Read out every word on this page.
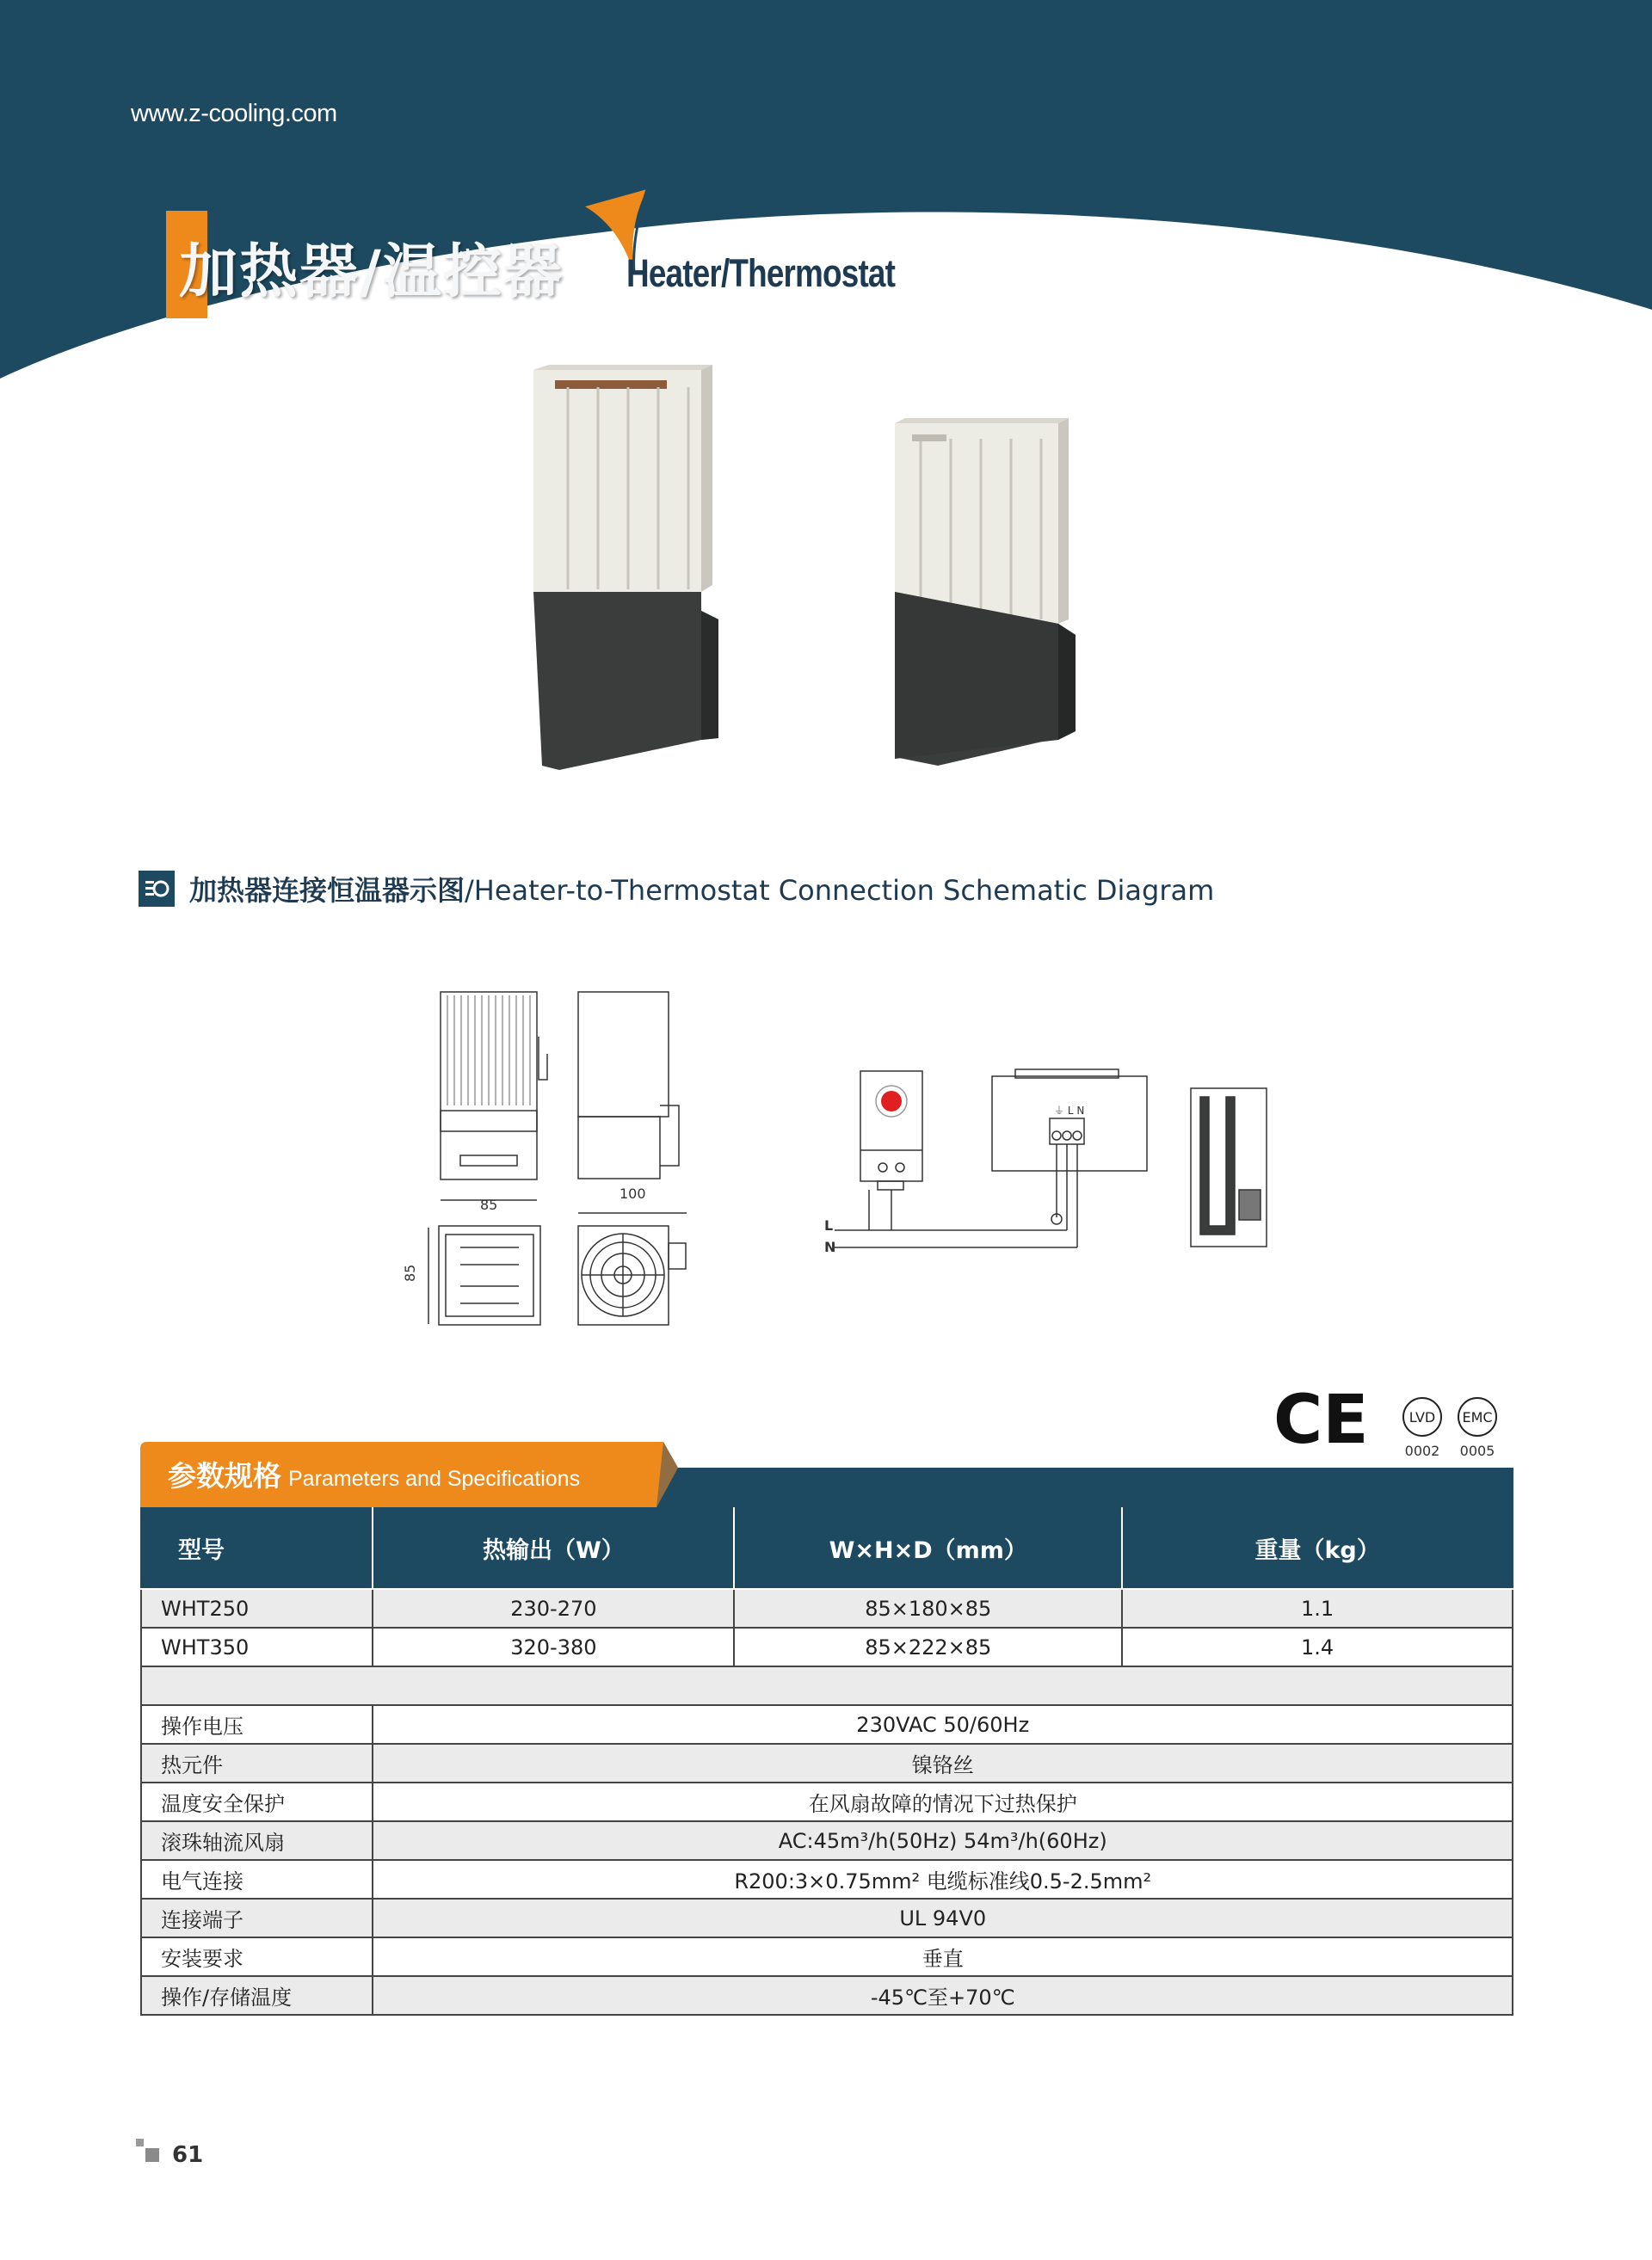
www.z-cooling.com
加热器/温控器 Heater/Thermostat
加热器连接恒温器示图/Heater-to-Thermostat Connection Schematic Diagram
85
100
85
⏚ L N
L
N
CE	LVD EMC
0002 0005
参数规格 Parameters and Specifications
型号	热输出（W）	W×H×D（mm）	重量（kg）
WHT250	230-270	85×180×85	1.1
WHT350	320-380	85×222×85	1.4

操作电压	230VAC 50/60Hz		
热元件	镍铬丝		
温度安全保护	在风扇故障的情况下过热保护		
滚珠轴流风扇	AC:45m³/h(50Hz) 54m³/h(60Hz)		
电气连接	R200:3×0.75mm² 电缆标准线0.5-2.5mm²		
连接端子	UL 94V0		
安装要求	垂直		
操作/存储温度	-45℃至+70℃		
61
